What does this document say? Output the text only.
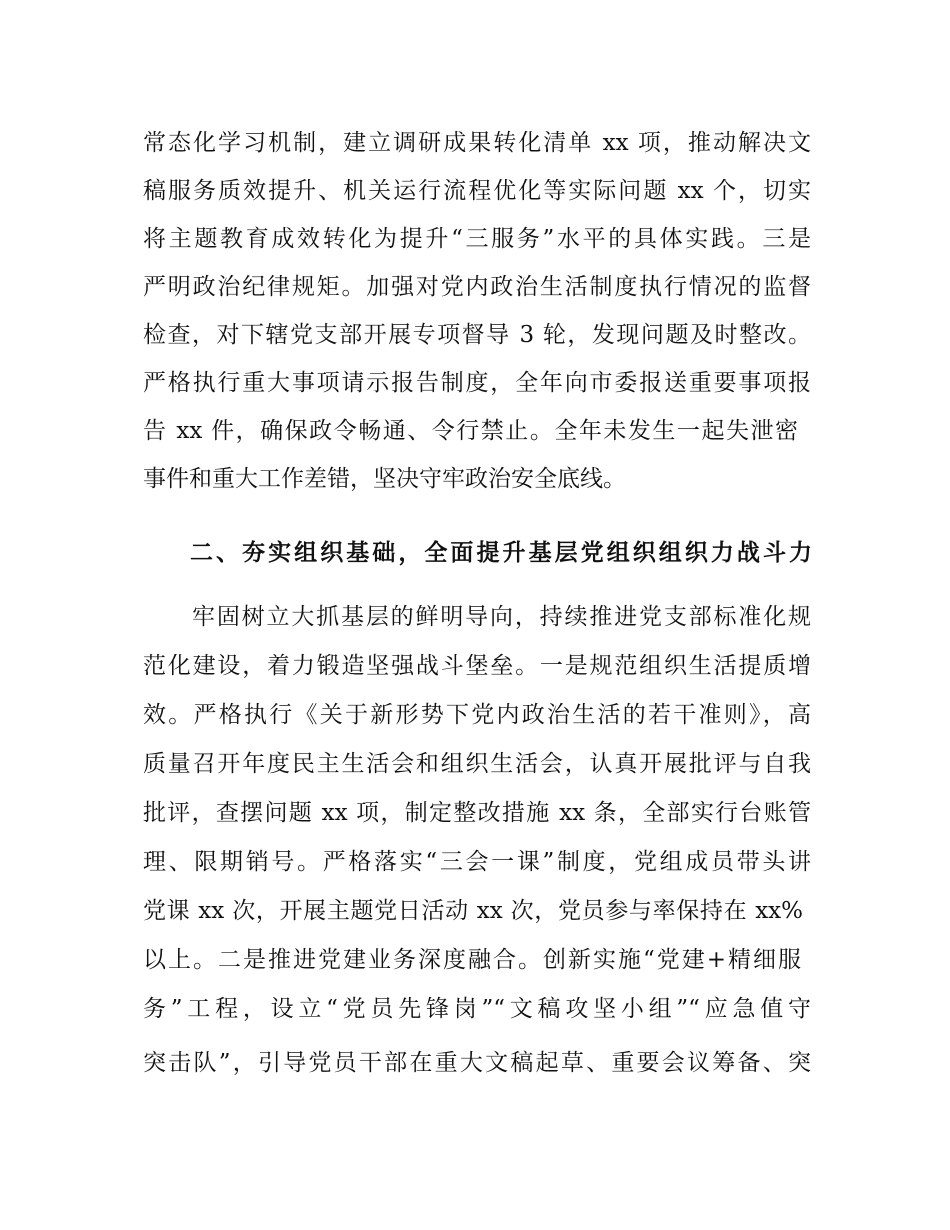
常态化学习机制，建立调研成果转化清单 xx 项，推动解决文
稿服务质效提升、机关运行流程优化等实际问题 xx 个，切实
将主题教育成效转化为提升“三服务”水平的具体实践。三是
严明政治纪律规矩。加强对党内政治生活制度执行情况的监督
检查，对下辖党支部开展专项督导 3 轮，发现问题及时整改。
严格执行重大事项请示报告制度，全年向市委报送重要事项报
告 xx 件，确保政令畅通、令行禁止。全年未发生一起失泄密
事件和重大工作差错，坚决守牢政治安全底线。
二、夯实组织基础，全面提升基层党组织组织力战斗力
牢固树立大抓基层的鲜明导向，持续推进党支部标准化规
范化建设，着力锻造坚强战斗堡垒。一是规范组织生活提质增
效。严格执行《关于新形势下党内政治生活的若干准则》，高
质量召开年度民主生活会和组织生活会，认真开展批评与自我
批评，查摆问题 xx 项，制定整改措施 xx 条，全部实行台账管
理、限期销号。严格落实“三会一课”制度，党组成员带头讲
党课 xx 次，开展主题党日活动 xx 次，党员参与率保持在 xx%
以上。二是推进党建业务深度融合。创新实施“党建+精细服
务”工程，设立“党员先锋岗”“文稿攻坚小组”“应急值守
突击队”，引导党员干部在重大文稿起草、重要会议筹备、突
